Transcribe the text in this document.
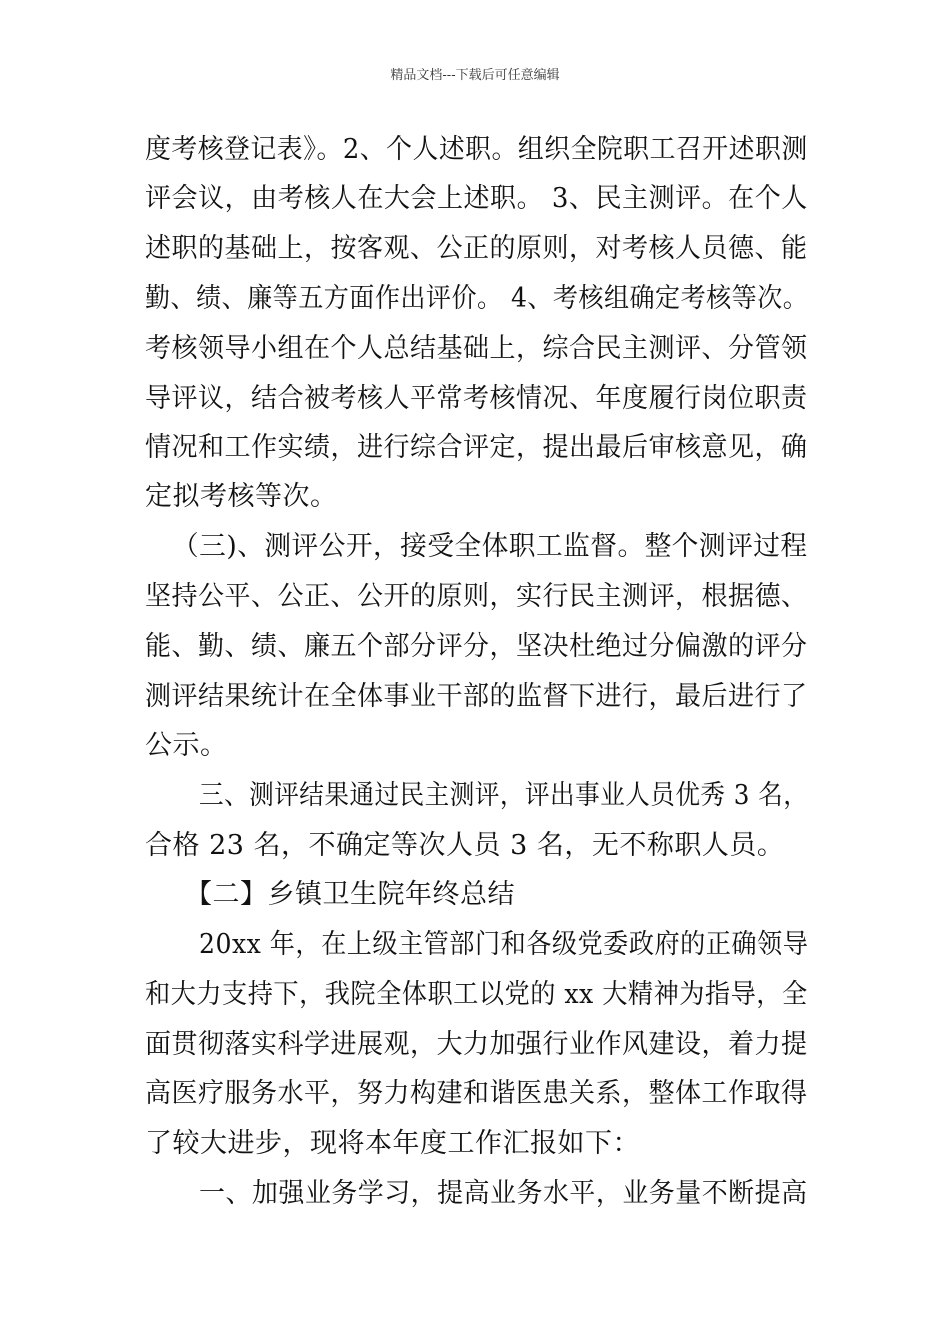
精品文档---下载后可任意编辑
度考核登记表》。2、个人述职。组织全院职工召开述职测
评会议，由考核人在大会上述职。 3、民主测评。在个人
述职的基础上，按客观、公正的原则，对考核人员德、能
勤、绩、廉等五方面作出评价。 4、考核组确定考核等次。
考核领导小组在个人总结基础上，综合民主测评、分管领
导评议，结合被考核人平常考核情况、年度履行岗位职责
情况和工作实绩，进行综合评定，提出最后审核意见，确
定拟考核等次。
（三)、测评公开，接受全体职工监督。整个测评过程
坚持公平、公正、公开的原则，实行民主测评，根据德、
能、勤、绩、廉五个部分评分，坚决杜绝过分偏激的评分
测评结果统计在全体事业干部的监督下进行，最后进行了
公示。
三、测评结果通过民主测评，评出事业人员优秀 3 名，
合格 23 名，不确定等次人员 3 名，无不称职人员。
【二】乡镇卫生院年终总结
20xx 年，在上级主管部门和各级党委政府的正确领导
和大力支持下，我院全体职工以党的 xx 大精神为指导，全
面贯彻落实科学进展观，大力加强行业作风建设，着力提
高医疗服务水平，努力构建和谐医患关系，整体工作取得
了较大进步，现将本年度工作汇报如下：
一、加强业务学习，提高业务水平，业务量不断提高
